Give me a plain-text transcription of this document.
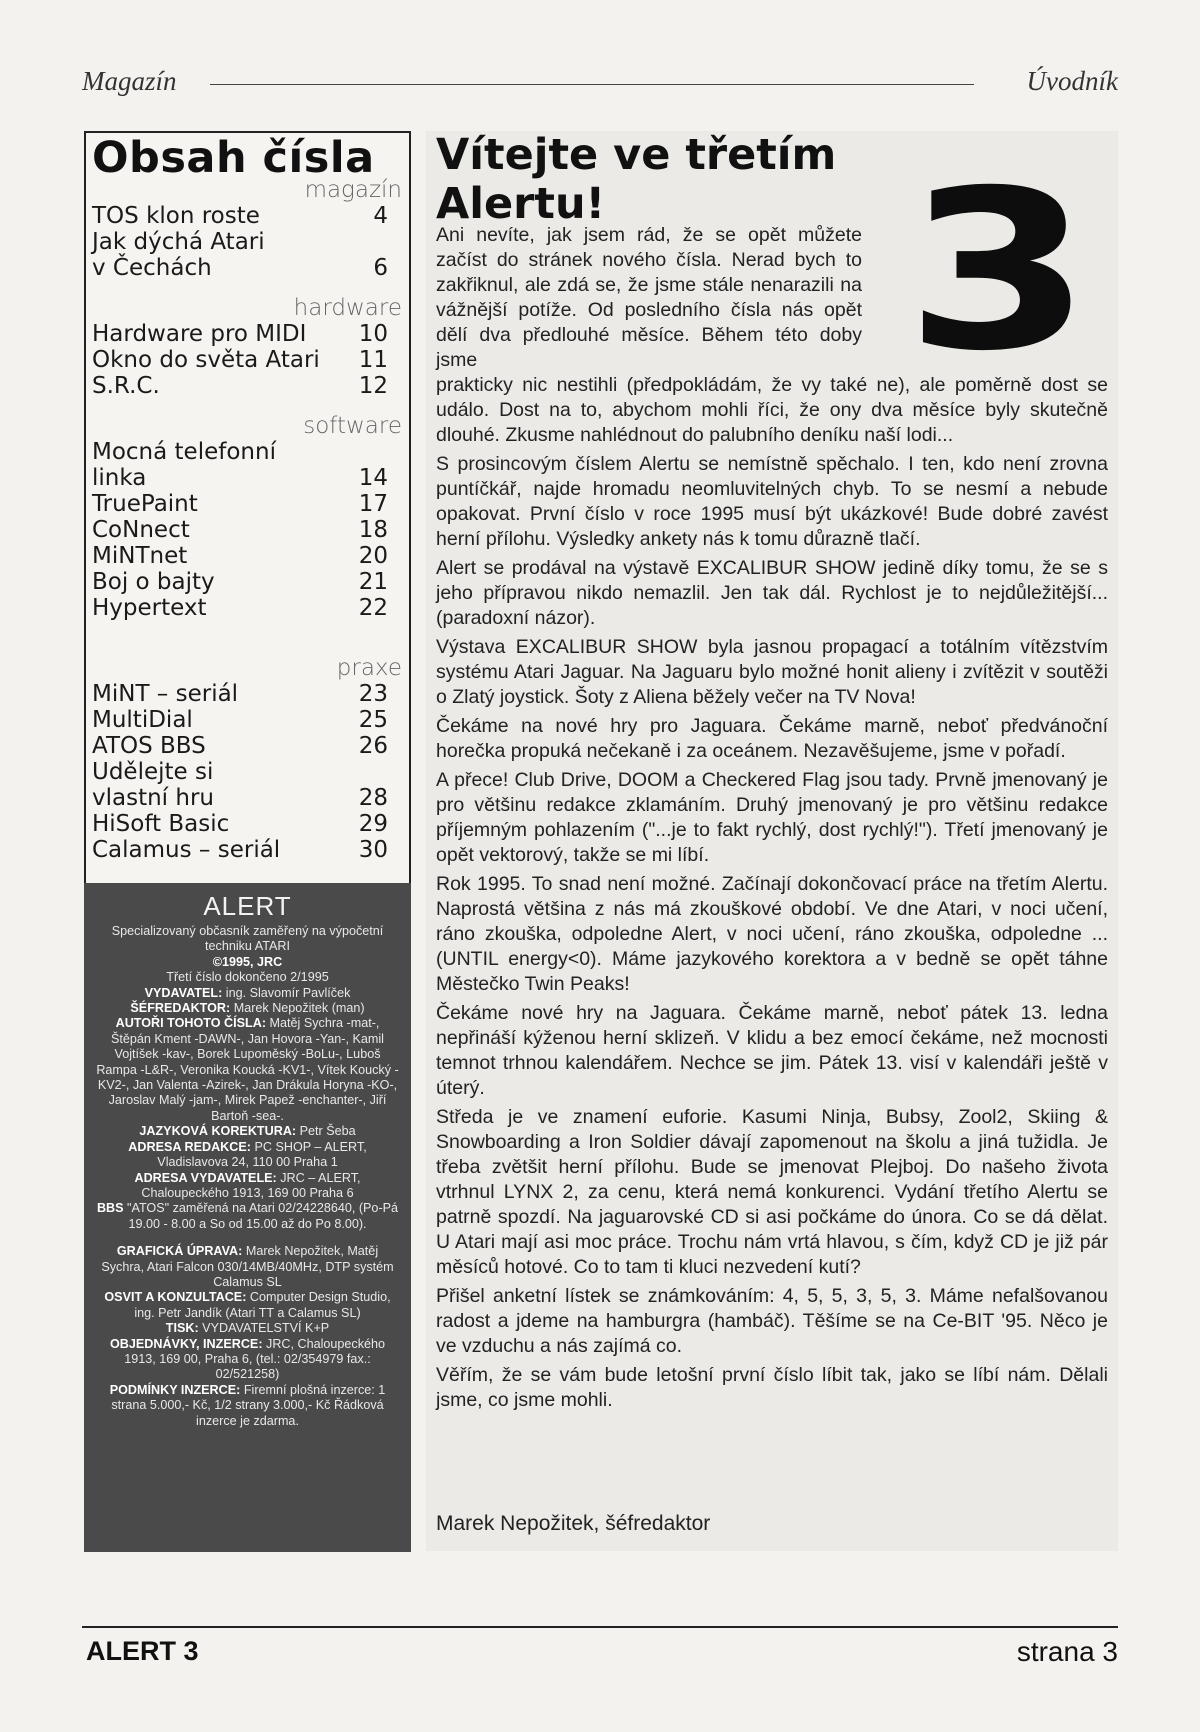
Magazín	Úvodník
Obsah čísla
magazín
TOS klon roste	4
Jak dýchá Atari
v Čechách	6
hardware
Hardware pro MIDI 10
Okno do světa Atari 11
S.R.C.	12
software
Mocná telefonní
linka	14
TruePaint	17
CoNnect	18
MiNTnet	20
Boj o bajty	21
Hypertext	22
praxe
MiNT – seriál	23
MultiDial	25
ATOS BBS	26
Udělejte si
vlastní hru	28
HiSoft Basic	29
Calamus – seriál	30
ALERT

Specializovaný občasník zaměřený na výpočetní techniku ATARI

©1995, JRC

Třetí číslo dokončeno 2/1995

VYDAVATEL: ing. Slavomír Pavlíček

ŠÉFREDAKTOR: Marek Nepožitek (man)

AUTOŘI TOHOTO ČÍSLA: Matěj Sychra -mat-, Štěpán Kment -DAWN-, Jan Hovora -Yan-, Kamil Vojtíšek -kav-, Borek Lupoměský -BoLu-, Luboš Rampa -L&R-, Veronika Koucká -KV1-, Vítek Koucký -KV2-, Jan Valenta -Azirek-, Jan Drákula Horyna -KO-, Jaroslav Malý -jam-, Mirek Papež -enchanter-, Jiří Bartoň -sea-.

JAZYKOVÁ KOREKTURA: Petr Šeba

ADRESA REDAKCE: PC SHOP – ALERT, Vladislavova 24, 110 00 Praha 1

ADRESA VYDAVATELE: JRC – ALERT, Chaloupeckého 1913, 169 00 Praha 6

BBS "ATOS" zaměřená na Atari 02/24228640, (Po-Pá 19.00 - 8.00 a So od 15.00 až do Po 8.00).

GRAFICKÁ ÚPRAVA: Marek Nepožitek, Matěj Sychra, Atari Falcon 030/14MB/40MHz, DTP systém Calamus SL

OSVIT A KONZULTACE: Computer Design Studio, ing. Petr Jandík (Atari TT a Calamus SL)

TISK: VYDAVATELSTVÍ K+P

OBJEDNÁVKY, INZERCE: JRC, Chaloupeckého 1913, 169 00, Praha 6, (tel.: 02/354979 fax.: 02/521258)

PODMÍNKY INZERCE: Firemní plošná inzerce: 1 strana 5.000,- Kč, 1/2 strany 3.000,- Kč Řádková inzerce je zdarma.

Vítejte ve třetím Alertu!	3
Ani nevíte, jak jsem rád, že se opět můžete začíst do stránek nového čísla. Nerad bych to zakřiknul, ale zdá se, že jsme stále nenarazili na vážnější potíže. Od posledního čísla nás opět dělí dva předlouhé měsíce. Během této doby jsme

prakticky nic nestihli (předpokládám, že vy také ne), ale poměrně dost se událo. Dost na to, abychom mohli říci, že ony dva měsíce byly skutečně dlouhé. Zkusme nahlédnout do palubního deníku naší lodi...

S prosincovým číslem Alertu se nemístně spěchalo. I ten, kdo není zrovna puntíčkář, najde hromadu neomluvitelných chyb. To se nesmí a nebude opakovat. První číslo v roce 1995 musí být ukázkové! Bude dobré zavést herní přílohu. Výsledky ankety nás k tomu důrazně tlačí.

Alert se prodával na výstavě EXCALIBUR SHOW jedině díky tomu, že se s jeho přípravou nikdo nemazlil. Jen tak dál. Rychlost je to nejdůležitější... (paradoxní názor).

Výstava EXCALIBUR SHOW byla jasnou propagací a totálním vítězstvím systému Atari Jaguar. Na Jaguaru bylo možné honit alieny i zvítězit v soutěži o Zlatý joystick. Šoty z Aliena běžely večer na TV Nova!

Čekáme na nové hry pro Jaguara. Čekáme marně, neboť předvánoční horečka propuká nečekaně i za oceánem. Nezavěšujeme, jsme v pořadí.

A přece! Club Drive, DOOM a Checkered Flag jsou tady. Prvně jmenovaný je pro většinu redakce zklamáním. Druhý jmenovaný je pro většinu redakce příjemným pohlazením ("...je to fakt rychlý, dost rychlý!"). Třetí jmenovaný je opět vektorový, takže se mi líbí.

Rok 1995. To snad není možné. Začínají dokončovací práce na třetím Alertu. Naprostá většina z nás má zkouškové období. Ve dne Atari, v noci učení, ráno zkouška, odpoledne Alert, v noci učení, ráno zkouška, odpoledne ... (UNTIL energy<0). Máme jazykového korektora a v bedně se opět táhne Městečko Twin Peaks!

Čekáme nové hry na Jaguara. Čekáme marně, neboť pátek 13. ledna nepřináší kýženou herní sklizeň. V klidu a bez emocí čekáme, než mocnosti temnot trhnou kalendářem. Nechce se jim. Pátek 13. visí v kalendáři ještě v úterý.

Středa je ve znamení euforie. Kasumi Ninja, Bubsy, Zool2, Skiing & Snowboarding a Iron Soldier dávají zapomenout na školu a jiná tužidla. Je třeba zvětšit herní přílohu. Bude se jmenovat Plejboj. Do našeho života vtrhnul LYNX 2, za cenu, která nemá konkurenci. Vydání třetího Alertu se patrně spozdí. Na jaguarovské CD si asi počkáme do února. Co se dá dělat. U Atari mají asi moc práce. Trochu nám vrtá hlavou, s čím, když CD je již pár měsíců hotové. Co to tam ti kluci nezvedení kutí?

Přišel anketní lístek se známkováním: 4, 5, 5, 3, 5, 3. Máme nefalšovanou radost a jdeme na hamburgra (hambáč). Těšíme se na Ce-BIT '95. Něco je ve vzduchu a nás zajímá co.

Věřím, že se vám bude letošní první číslo líbit tak, jako se líbí nám. Dělali jsme, co jsme mohli.

Marek Nepožitek, šéfredaktor
ALERT 3	strana 3
